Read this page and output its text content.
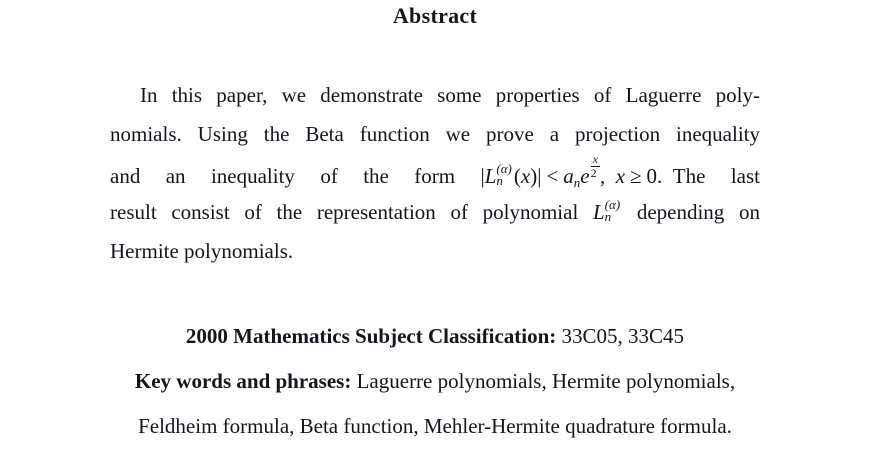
Abstract
In this paper, we demonstrate some properties of Laguerre poly-
nomials. Using the Beta function we prove a projection inequality
and an inequality of the form |L (α)
n (x)| < ane $\frac{x}{2}$ ,  x ≥ 0.  The last
result consist of the representation of polynomial L (α)
n depending on
Hermite polynomials.
2000 Mathematics Subject Classification: 33C05, 33C45
Key words and phrases: Laguerre polynomials, Hermite polynomials,
Feldheim formula, Beta function, Mehler-Hermite quadrature formula.
